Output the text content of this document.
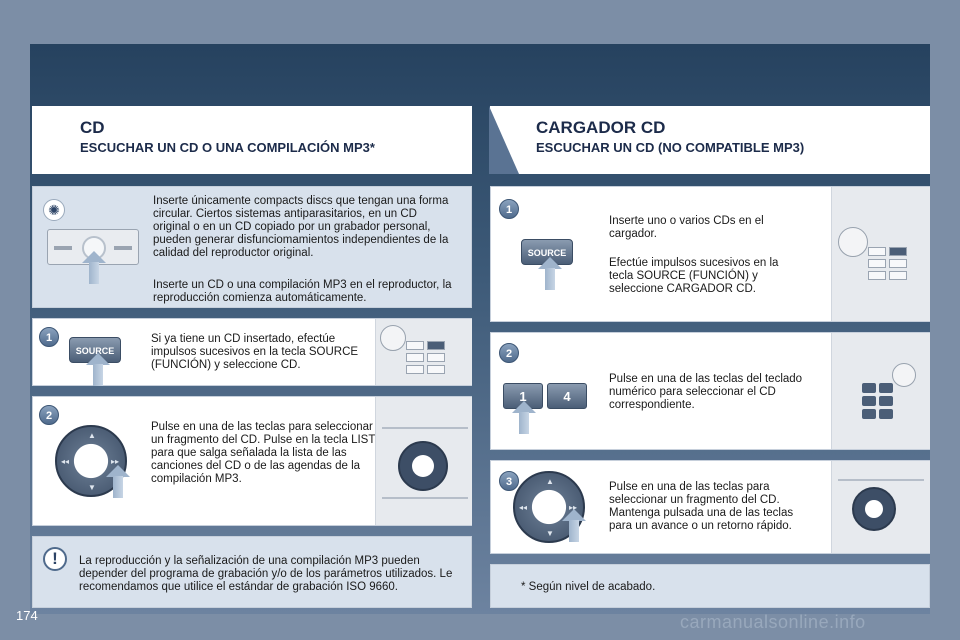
CD
ESCUCHAR UN CD O UNA COMPILACIÓN MP3*
CARGADOR CD
ESCUCHAR UN CD (NO COMPATIBLE MP3)
✺
Inserte únicamente compacts discs que tengan una forma circular. Ciertos sistemas antiparasitarios, en un CD original o en un CD copiado por un grabador personal, pueden generar disfunciomamientos independientes de la calidad del reproductor original.
Inserte un CD o una compilación MP3 en el reproductor, la reproducción comienza automáticamente.
1
SOURCE
Si ya tiene un CD insertado, efectúe impulsos sucesivos en la tecla SOURCE (FUNCIÓN) y seleccione CD.
2
▲
▼
◂◂	▸▸
Pulse en una de las teclas para seleccionar un fragmento del CD. Pulse en la tecla LIST para que salga señalada la lista de las canciones del CD o de las agendas de la compilación MP3.
!	La reproducción y la señalización de una compilación MP3 pueden depender del programa de grabación y/o de los parámetros utilizados. Le recomendamos que utilice el estándar de grabación ISO 9660.
1
SOURCE
Inserte uno o varios CDs en el cargador.
Efectúe impulsos sucesivos en la tecla SOURCE (FUNCIÓN) y seleccione CARGADOR CD.
2
1	4
Pulse en una de las teclas del teclado numérico para seleccionar el CD correspondiente.
3	▲
▼
◂◂	▸▸
Pulse en una de las teclas para seleccionar un fragmento del CD. Mantenga pulsada una de las teclas para un avance o un retorno rápido.
* Según nivel de acabado.
174	carmanualsonline.info
